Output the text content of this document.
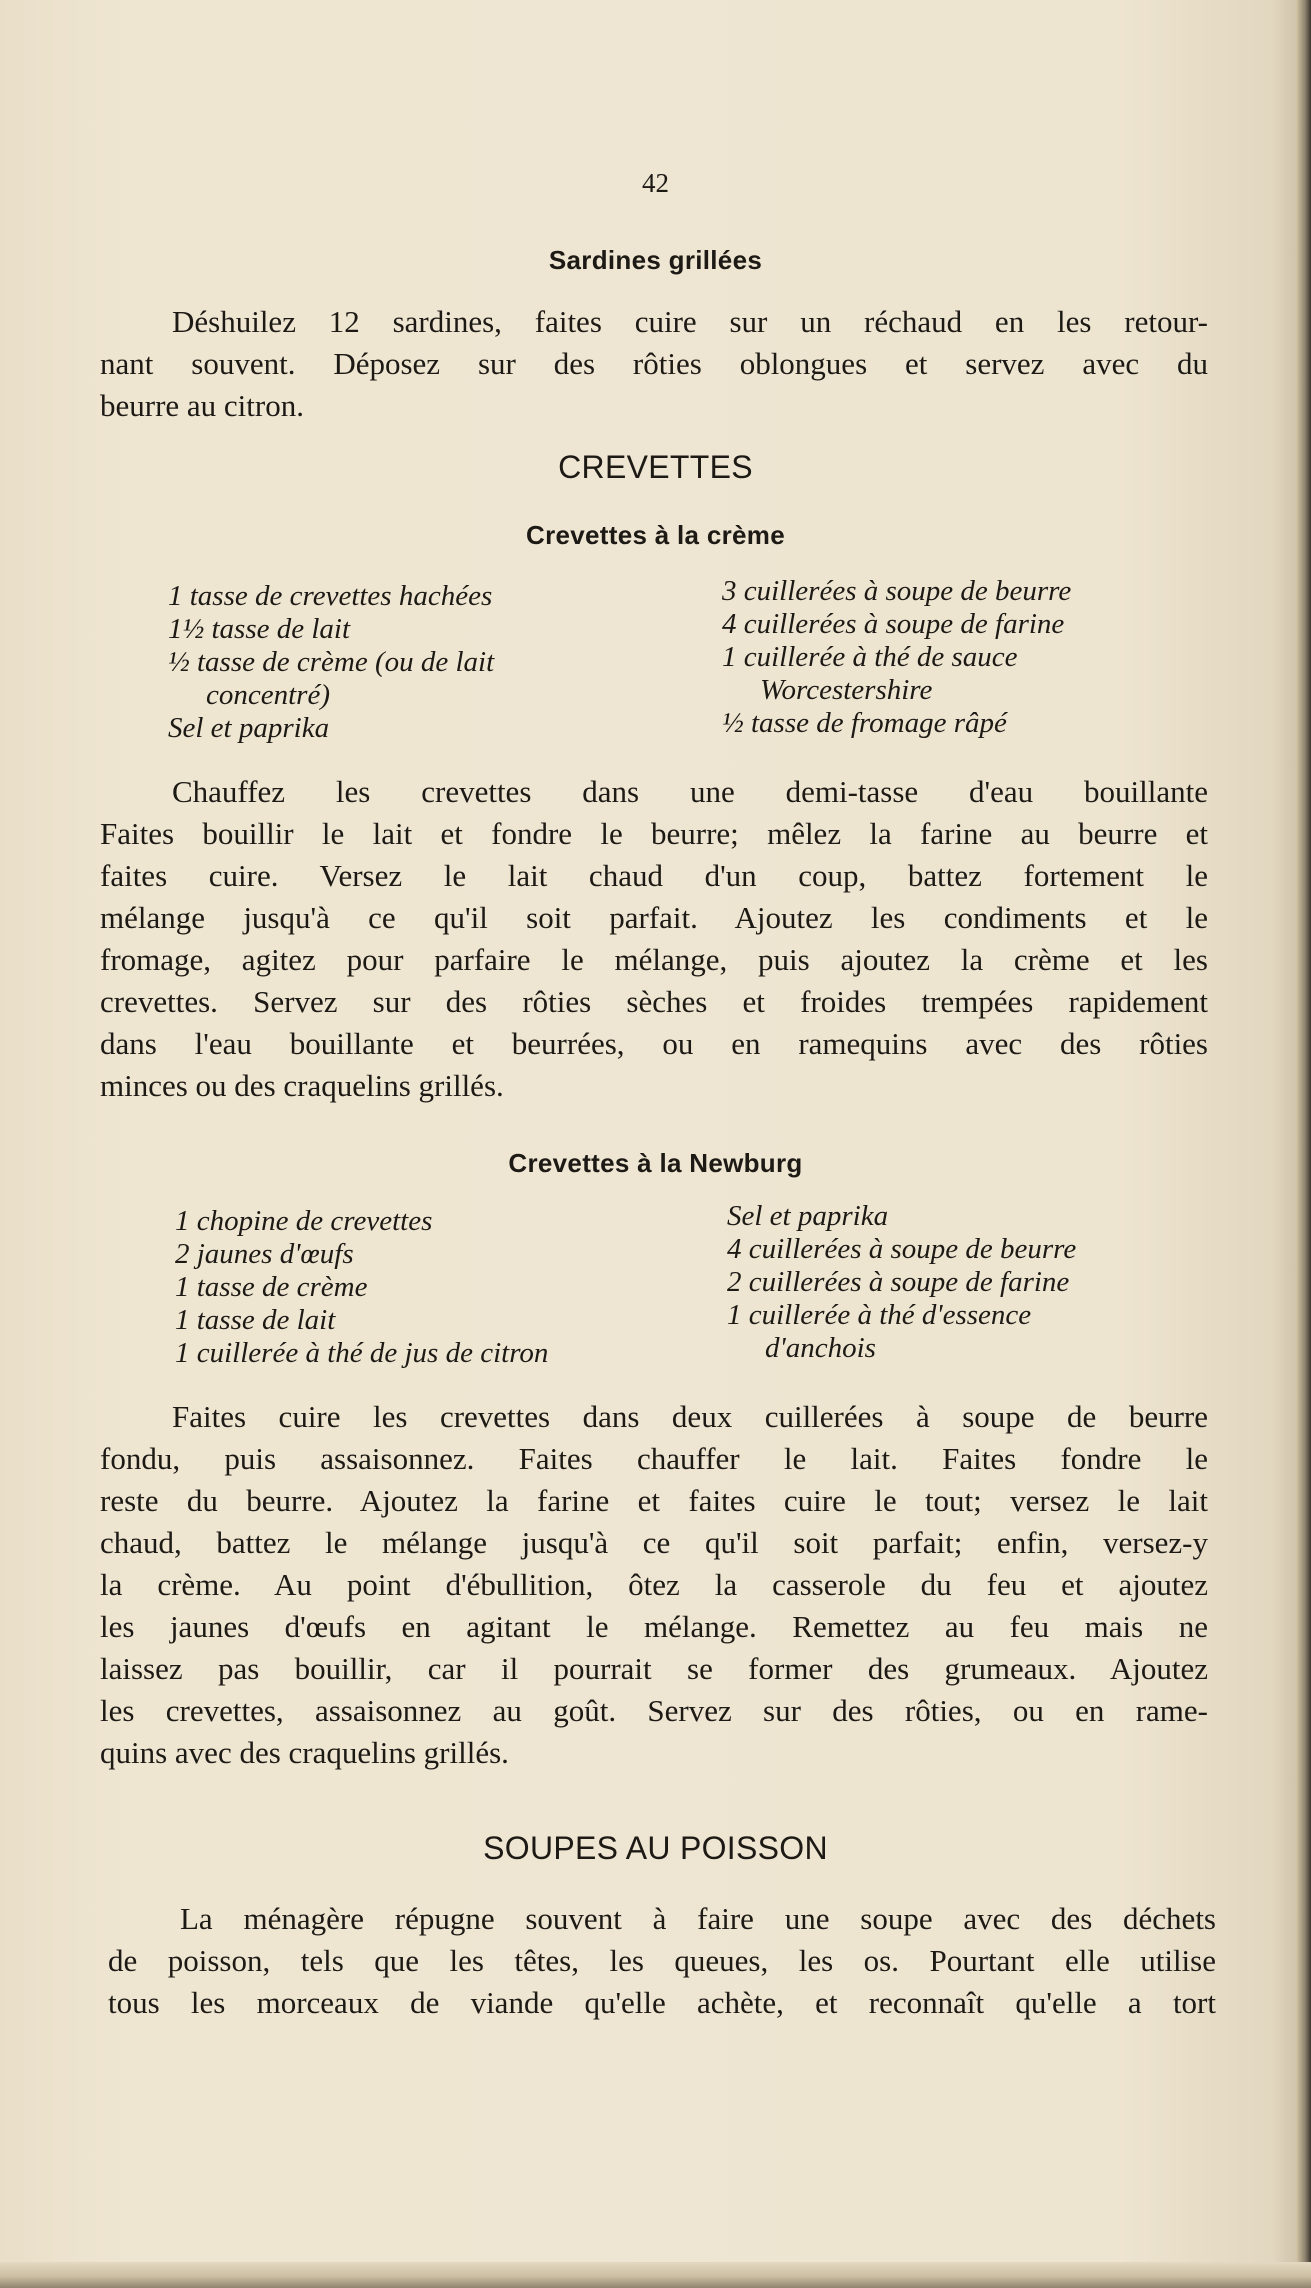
42
Sardines grillées
Déshuilez 12 sardines, faites cuire sur un réchaud en les retour-
nant souvent. Déposez sur des rôties oblongues et servez avec du
beurre au citron.
CREVETTES
Crevettes à la crème
1 tasse de crevettes hachées
1½ tasse de lait
½ tasse de crème (ou de lait
concentré)
Sel et paprika
3 cuillerées à soupe de beurre
4 cuillerées à soupe de farine
1 cuillerée à thé de sauce
Worcestershire
½ tasse de fromage râpé
Chauffez les crevettes dans une demi-tasse d'eau bouillante
Faites bouillir le lait et fondre le beurre; mêlez la farine au beurre et
faites cuire. Versez le lait chaud d'un coup, battez fortement le
mélange jusqu'à ce qu'il soit parfait. Ajoutez les condiments et le
fromage, agitez pour parfaire le mélange, puis ajoutez la crème et les
crevettes. Servez sur des rôties sèches et froides trempées rapidement
dans l'eau bouillante et beurrées, ou en ramequins avec des rôties
minces ou des craquelins grillés.
Crevettes à la Newburg
1 chopine de crevettes
2 jaunes d'œufs
1 tasse de crème
1 tasse de lait
1 cuillerée à thé de jus de citron
Sel et paprika
4 cuillerées à soupe de beurre
2 cuillerées à soupe de farine
1 cuillerée à thé d'essence
d'anchois
Faites cuire les crevettes dans deux cuillerées à soupe de beurre
fondu, puis assaisonnez. Faites chauffer le lait. Faites fondre le
reste du beurre. Ajoutez la farine et faites cuire le tout; versez le lait
chaud, battez le mélange jusqu'à ce qu'il soit parfait; enfin, versez-y
la crème. Au point d'ébullition, ôtez la casserole du feu et ajoutez
les jaunes d'œufs en agitant le mélange. Remettez au feu mais ne
laissez pas bouillir, car il pourrait se former des grumeaux. Ajoutez
les crevettes, assaisonnez au goût. Servez sur des rôties, ou en rame-
quins avec des craquelins grillés.
SOUPES AU POISSON
La ménagère répugne souvent à faire une soupe avec des déchets
de poisson, tels que les têtes, les queues, les os. Pourtant elle utilise
tous les morceaux de viande qu'elle achète, et reconnaît qu'elle a tort
